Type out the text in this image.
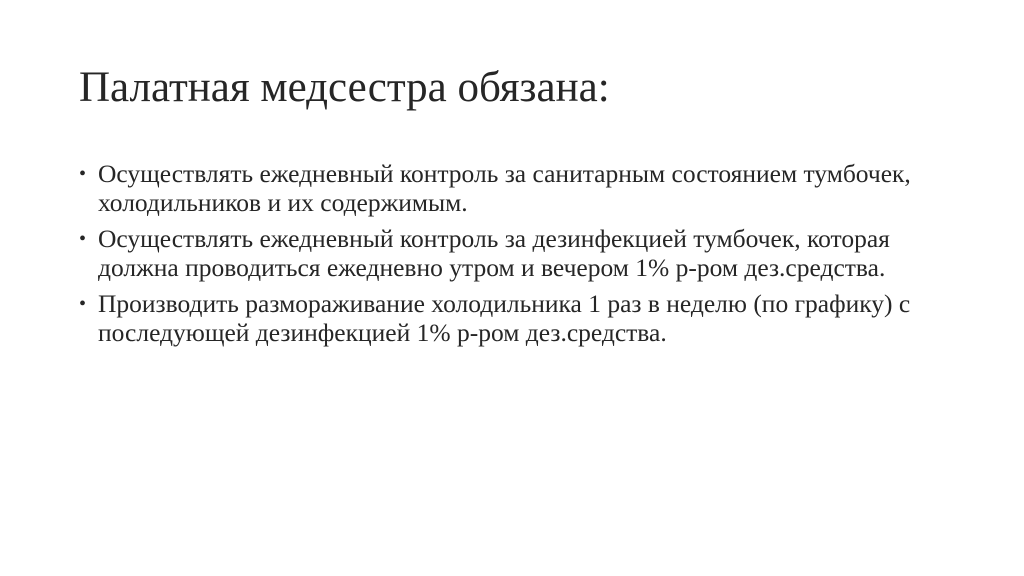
Палатная медсестра обязана:
• Осуществлять ежедневный контроль за санитарным состоянием тумбочек, холодильников и их содержимым.
• Осуществлять ежедневный контроль за дезинфекцией тумбочек, которая должна проводиться ежедневно утром и вечером 1% р-ром дез.средства.
• Производить размораживание холодильника 1 раз в неделю (по графику) с последующей дезинфекцией 1% р-ром дез.средства.
